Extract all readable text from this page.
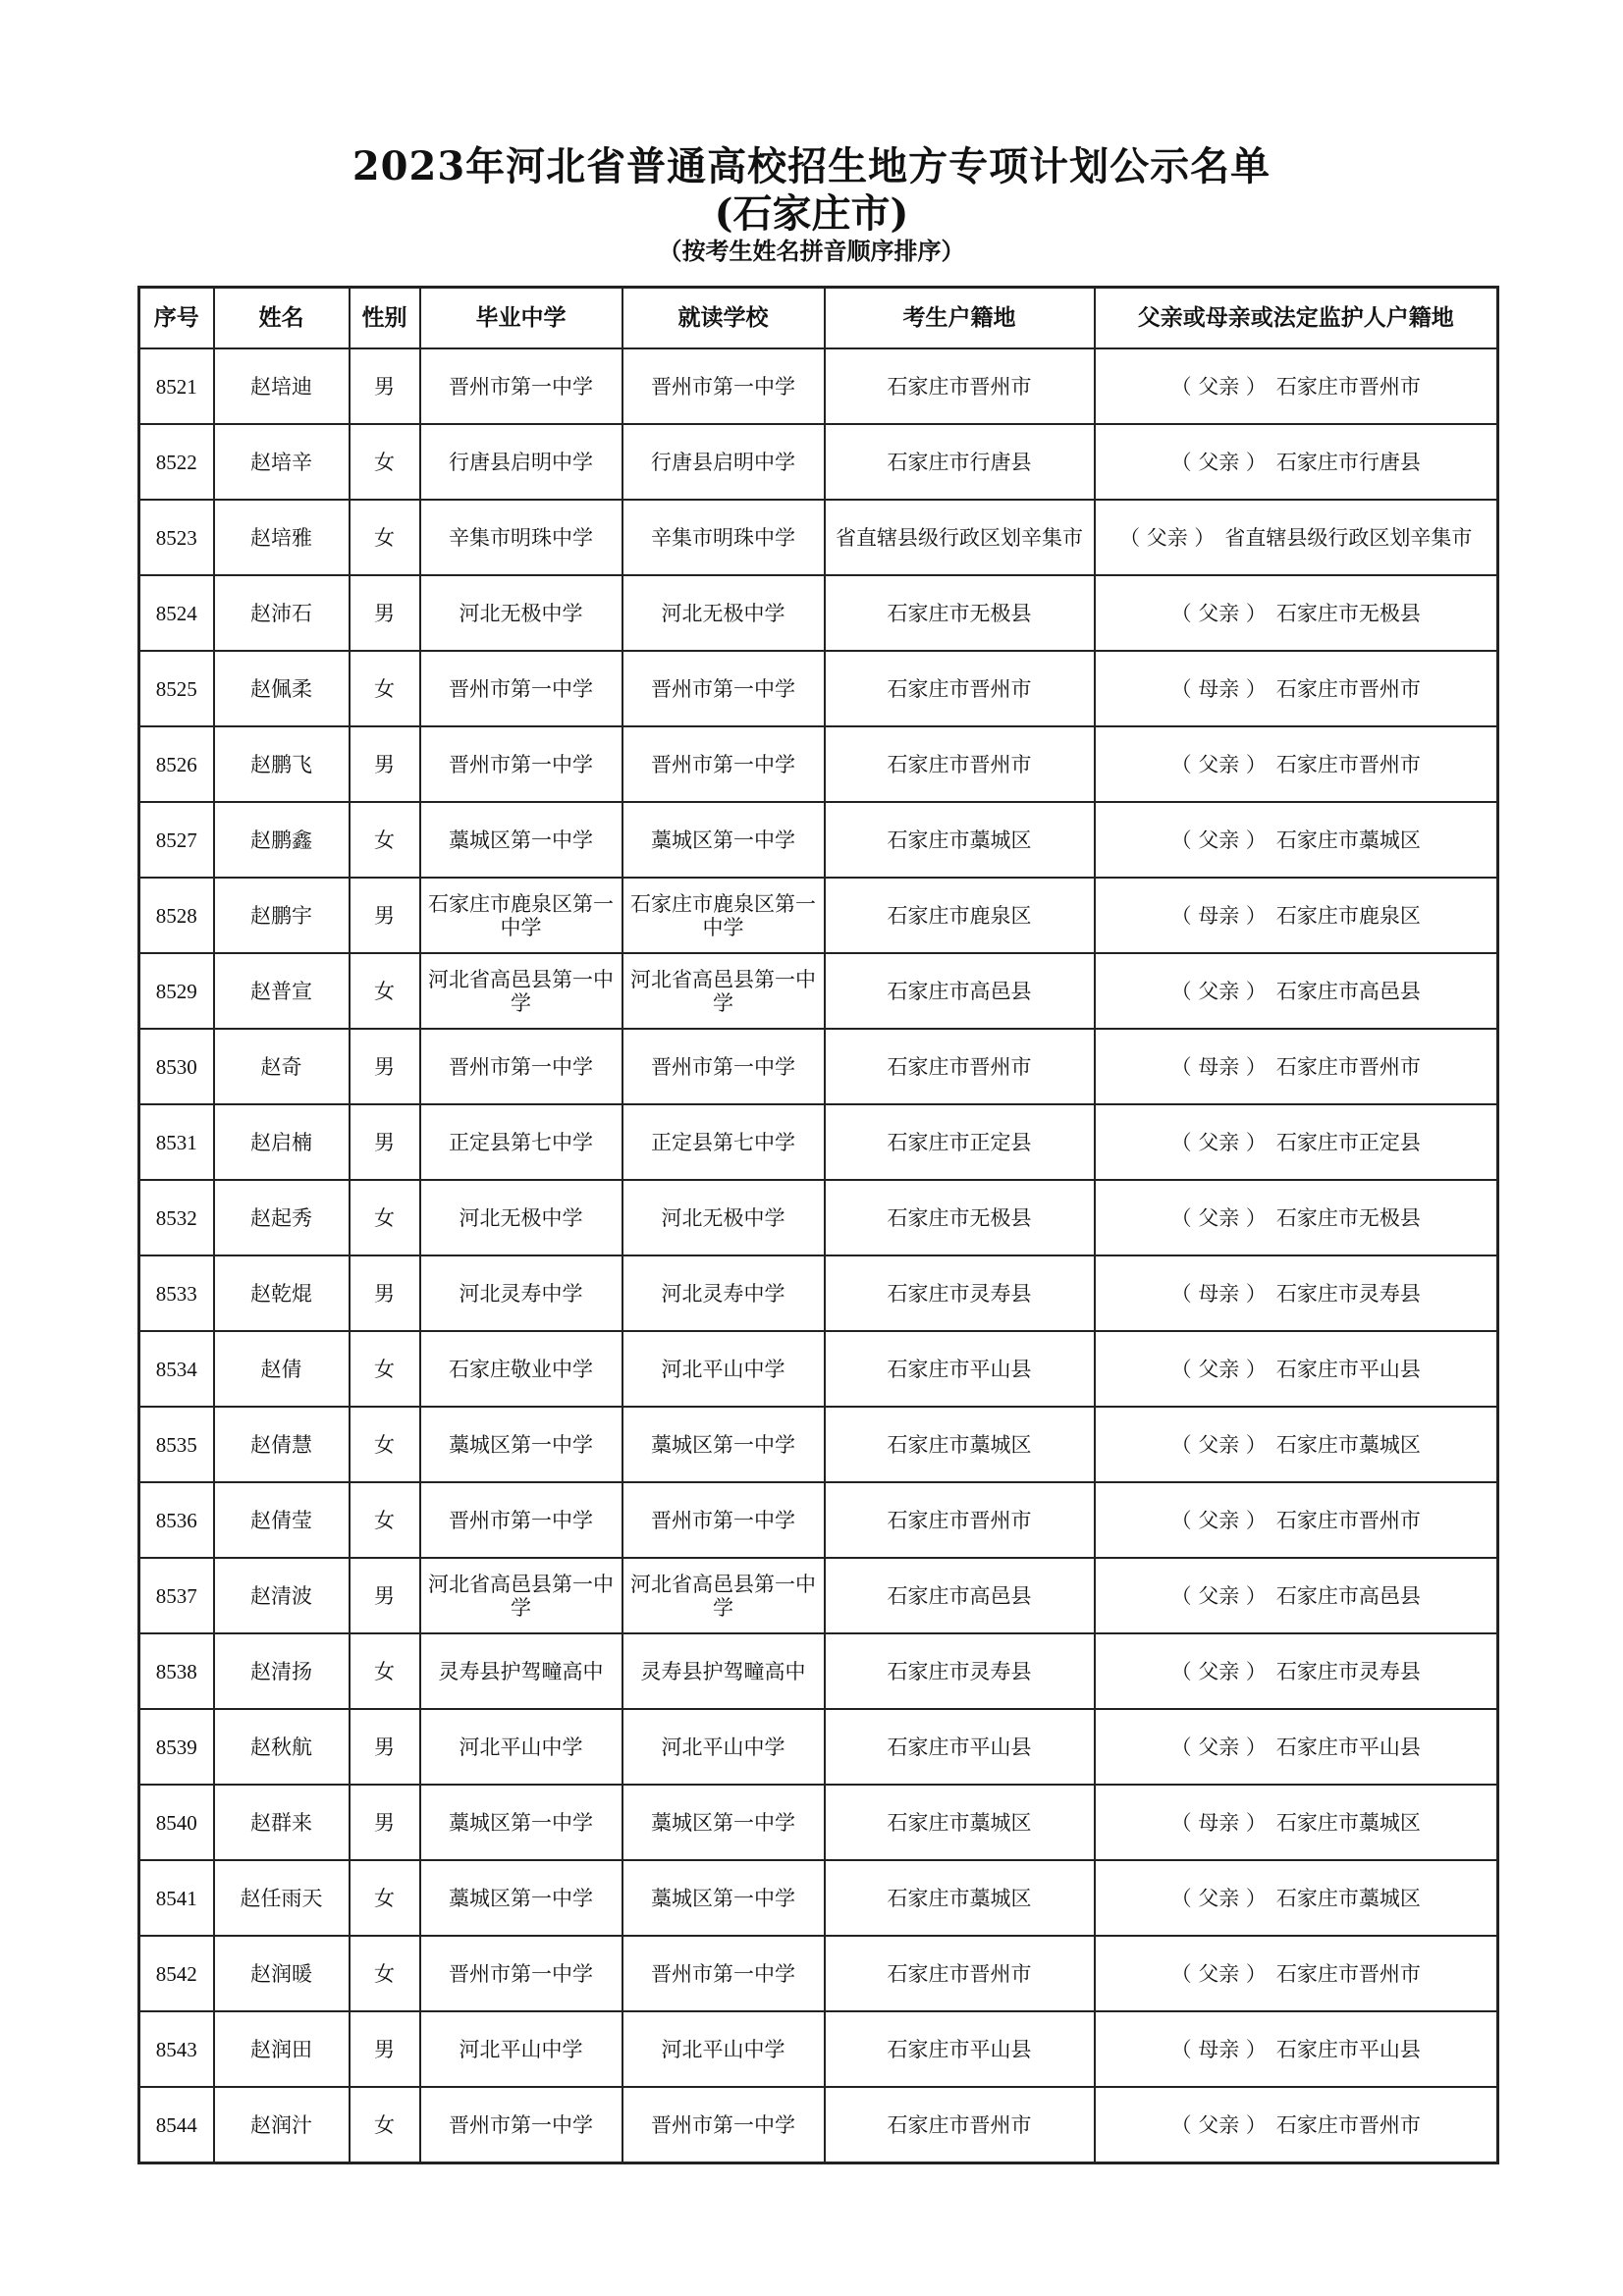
2023年河北省普通高校招生地方专项计划公示名单
(石家庄市)
（按考生姓名拼音顺序排序）
序号	姓名	性别	毕业中学	就读学校	考生户籍地	父亲或母亲或法定监护人户籍地
8521	赵培迪	男	晋州市第一中学	晋州市第一中学	石家庄市晋州市	（ 父亲 ） 石家庄市晋州市
8522	赵培辛	女	行唐县启明中学	行唐县启明中学	石家庄市行唐县	（ 父亲 ） 石家庄市行唐县
8523	赵培雅	女	辛集市明珠中学	辛集市明珠中学	省直辖县级行政区划辛集市	（ 父亲 ） 省直辖县级行政区划辛集市
8524	赵沛石	男	河北无极中学	河北无极中学	石家庄市无极县	（ 父亲 ） 石家庄市无极县
8525	赵佩柔	女	晋州市第一中学	晋州市第一中学	石家庄市晋州市	（ 母亲 ） 石家庄市晋州市
8526	赵鹏飞	男	晋州市第一中学	晋州市第一中学	石家庄市晋州市	（ 父亲 ） 石家庄市晋州市
8527	赵鹏鑫	女	藁城区第一中学	藁城区第一中学	石家庄市藁城区	（ 父亲 ） 石家庄市藁城区
8528	赵鹏宇	男	石家庄市鹿泉区第一中学	石家庄市鹿泉区第一中学	石家庄市鹿泉区	（ 母亲 ） 石家庄市鹿泉区
8529	赵普宣	女	河北省高邑县第一中学	河北省高邑县第一中学	石家庄市高邑县	（ 父亲 ） 石家庄市高邑县
8530	赵奇	男	晋州市第一中学	晋州市第一中学	石家庄市晋州市	（ 母亲 ） 石家庄市晋州市
8531	赵启楠	男	正定县第七中学	正定县第七中学	石家庄市正定县	（ 父亲 ） 石家庄市正定县
8532	赵起秀	女	河北无极中学	河北无极中学	石家庄市无极县	（ 父亲 ） 石家庄市无极县
8533	赵乾焜	男	河北灵寿中学	河北灵寿中学	石家庄市灵寿县	（ 母亲 ） 石家庄市灵寿县
8534	赵倩	女	石家庄敬业中学	河北平山中学	石家庄市平山县	（ 父亲 ） 石家庄市平山县
8535	赵倩慧	女	藁城区第一中学	藁城区第一中学	石家庄市藁城区	（ 父亲 ） 石家庄市藁城区
8536	赵倩莹	女	晋州市第一中学	晋州市第一中学	石家庄市晋州市	（ 父亲 ） 石家庄市晋州市
8537	赵清波	男	河北省高邑县第一中学	河北省高邑县第一中学	石家庄市高邑县	（ 父亲 ） 石家庄市高邑县
8538	赵清扬	女	灵寿县护驾疃高中	灵寿县护驾疃高中	石家庄市灵寿县	（ 父亲 ） 石家庄市灵寿县
8539	赵秋航	男	河北平山中学	河北平山中学	石家庄市平山县	（ 父亲 ） 石家庄市平山县
8540	赵群来	男	藁城区第一中学	藁城区第一中学	石家庄市藁城区	（ 母亲 ） 石家庄市藁城区
8541	赵任雨天	女	藁城区第一中学	藁城区第一中学	石家庄市藁城区	（ 父亲 ） 石家庄市藁城区
8542	赵润暖	女	晋州市第一中学	晋州市第一中学	石家庄市晋州市	（ 父亲 ） 石家庄市晋州市
8543	赵润田	男	河北平山中学	河北平山中学	石家庄市平山县	（ 母亲 ） 石家庄市平山县
8544	赵润汁	女	晋州市第一中学	晋州市第一中学	石家庄市晋州市	（ 父亲 ） 石家庄市晋州市
